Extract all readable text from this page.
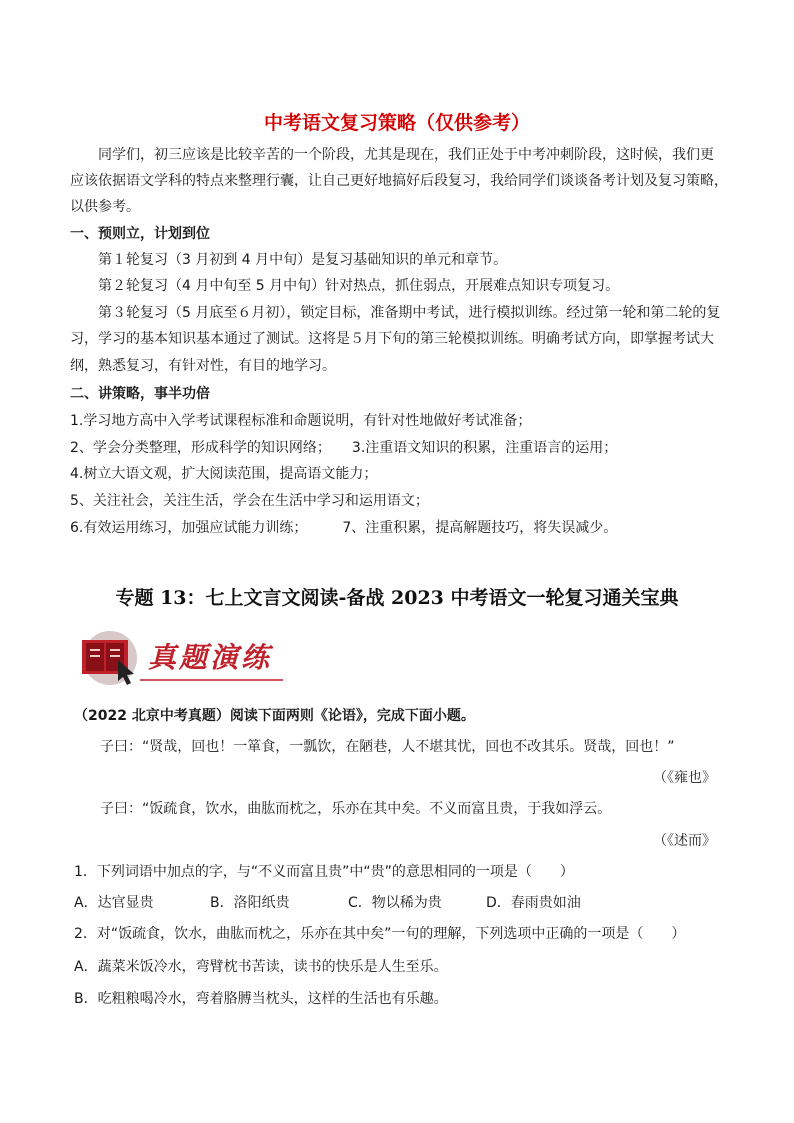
中考语文复习策略（仅供参考）
同学们，初三应该是比较辛苦的一个阶段，尤其是现在，我们正处于中考冲刺阶段，这时候，我们更
应该依据语文学科的特点来整理行囊，让自己更好地搞好后段复习，我给同学们谈谈备考计划及复习策略，
以供参考。
一、预则立，计划到位
第１轮复习（3 月初到 4 月中旬）是复习基础知识的单元和章节。
第２轮复习（4 月中旬至 5 月中旬）针对热点，抓住弱点，开展难点知识专项复习。
第３轮复习（5 月底至６月初），锁定目标，准备期中考试，进行模拟训练。经过第一轮和第二轮的复
习，学习的基本知识基本通过了测试。这将是５月下旬的第三轮模拟训练。明确考试方向，即掌握考试大
纲，熟悉复习，有针对性，有目的地学习。
二、讲策略，事半功倍
1.学习地方高中入学考试课程标准和命题说明，有针对性地做好考试准备；
2、学会分类整理，形成科学的知识网络；　　3.注重语文知识的积累，注重语言的运用；
4.树立大语文观，扩大阅读范围，提高语文能力；
5、关注社会，关注生活，学会在生活中学习和运用语文；
6.有效运用练习，加强应试能力训练；　　　7、注重积累，提高解题技巧，将失误减少。
专题 13：七上文言文阅读-备战 2023 中考语文一轮复习通关宝典
真题演练
（2022 北京中考真题）阅读下面两则《论语》，完成下面小题。
子曰：“贤哉，回也！一箪食，一瓢饮，在陋巷，人不堪其忧，回也不改其乐。贤哉，回也！”
（《雍也》
子曰：“饭疏食，饮水，曲肱而枕之，乐亦在其中矣。不义而富且贵，于我如浮云。
（《述而》
1．下列词语中加点的字，与“不义而富且贵”中“贵”的意思相同的一项是（　　）
A．达官显贵	B．洛阳纸贵	C．物以稀为贵	D．春雨贵如油
2．对“饭疏食，饮水，曲肱而枕之，乐亦在其中矣”一句的理解，下列选项中正确的一项是（　　）
A．蔬菜米饭冷水，弯臂枕书苦读，读书的快乐是人生至乐。
B．吃粗粮喝冷水，弯着胳膊当枕头，这样的生活也有乐趣。
